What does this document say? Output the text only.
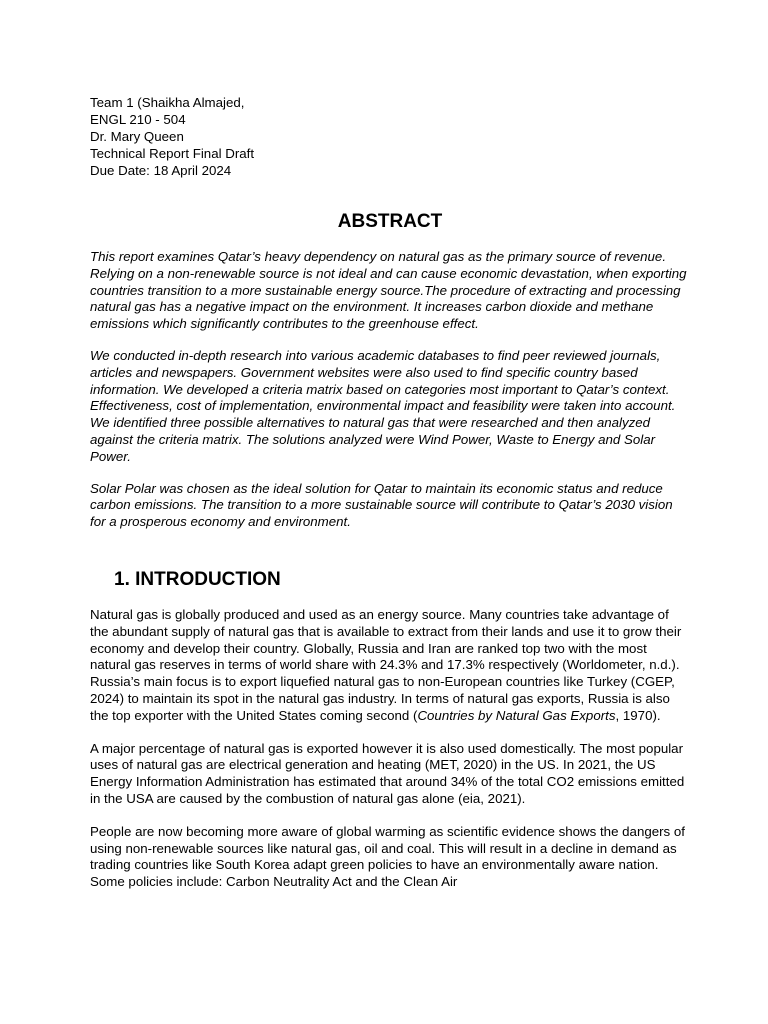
Team 1 (Shaikha Almajed,
ENGL 210 - 504
Dr. Mary Queen
Technical Report Final Draft
Due Date: 18 April 2024
ABSTRACT

This report examines Qatar’s heavy dependency on natural gas as the primary source of revenue. Relying on a non-renewable source is not ideal and can cause economic devastation, when exporting countries transition to a more sustainable energy source.The procedure of extracting and processing natural gas has a negative impact on the environment. It increases carbon dioxide and methane emissions which significantly contributes to the greenhouse effect.

We conducted in-depth research into various academic databases to find peer reviewed journals, articles and newspapers. Government websites were also used to find specific country based information. We developed a criteria matrix based on categories most important to Qatar’s context. Effectiveness, cost of implementation, environmental impact and feasibility were taken into account. We identified three possible alternatives to natural gas that were researched and then analyzed against the criteria matrix. The solutions analyzed were Wind Power, Waste to Energy and Solar Power.

Solar Polar was chosen as the ideal solution for Qatar to maintain its economic status and reduce carbon emissions. The transition to a more sustainable source will contribute to Qatar’s 2030 vision for a prosperous economy and environment.

1. INTRODUCTION

Natural gas is globally produced and used as an energy source. Many countries take advantage of the abundant supply of natural gas that is available to extract from their lands and use it to grow their economy and develop their country. Globally, Russia and Iran are ranked top two with the most natural gas reserves in terms of world share with 24.3% and 17.3% respectively (Worldometer, n.d.). Russia’s main focus is to export liquefied natural gas to non-European countries like Turkey (CGEP, 2024) to maintain its spot in the natural gas industry. In terms of natural gas exports, Russia is also the top exporter with the United States coming second (Countries by Natural Gas Exports, 1970).

A major percentage of natural gas is exported however it is also used domestically. The most popular uses of natural gas are electrical generation and heating (MET, 2020) in the US. In 2021, the US Energy Information Administration has estimated that around 34% of the total CO2 emissions emitted in the USA are caused by the combustion of natural gas alone (eia, 2021).

People are now becoming more aware of global warming as scientific evidence shows the dangers of using non-renewable sources like natural gas, oil and coal. This will result in a decline in demand as trading countries like South Korea adapt green policies to have an environmentally aware nation. Some policies include: Carbon Neutrality Act and the Clean Air
